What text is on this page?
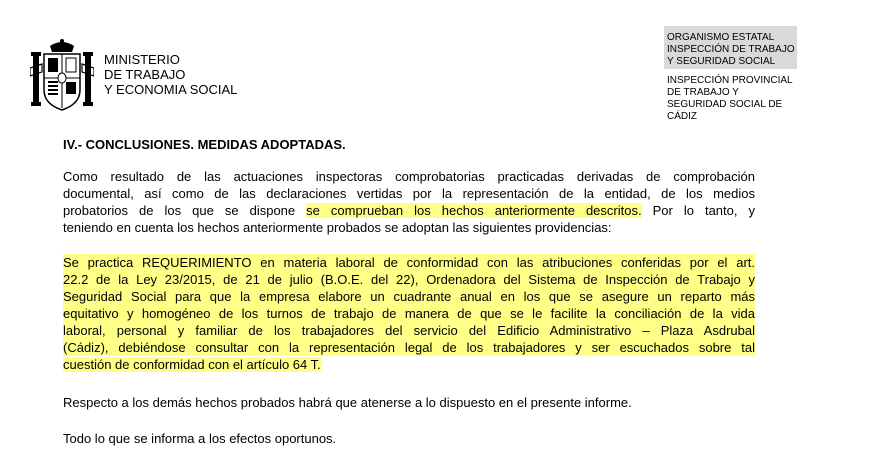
MINISTERIO
DE TRABAJO
Y ECONOMIA SOCIAL
ORGANISMO ESTATAL
INSPECCIÓN DE TRABAJO
Y SEGURIDAD SOCIAL
INSPECCIÓN PROVINCIAL
DE TRABAJO Y
SEGURIDAD SOCIAL DE
CÁDIZ
IV.- CONCLUSIONES. MEDIDAS ADOPTADAS.
Como resultado de las actuaciones inspectoras comprobatorias practicadas derivadas de comprobación
documental, así como de las declaraciones vertidas por la representación de la entidad, de los medios
probatorios de los que se dispone se comprueban los hechos anteriormente descritos. Por lo tanto, y
teniendo en cuenta los hechos anteriormente probados se adoptan las siguientes providencias:
Se practica REQUERIMIENTO en materia laboral de conformidad con las atribuciones conferidas por el art.
22.2 de la Ley 23/2015, de 21 de julio (B.O.E. del 22), Ordenadora del Sistema de Inspección de Trabajo y
Seguridad Social para que la empresa elabore un cuadrante anual en los que se asegure un reparto más
equitativo y homogéneo de los turnos de trabajo de manera de que se le facilite la conciliación de la vida
laboral, personal y familiar de los trabajadores del servicio del Edificio Administrativo – Plaza Asdrubal
(Cádiz), debiéndose consultar con la representación legal de los trabajadores y ser escuchados sobre tal
cuestión de conformidad con el artículo 64 T.
Respecto a los demás hechos probados habrá que atenerse a lo dispuesto en el presente informe.
Todo lo que se informa a los efectos oportunos.
